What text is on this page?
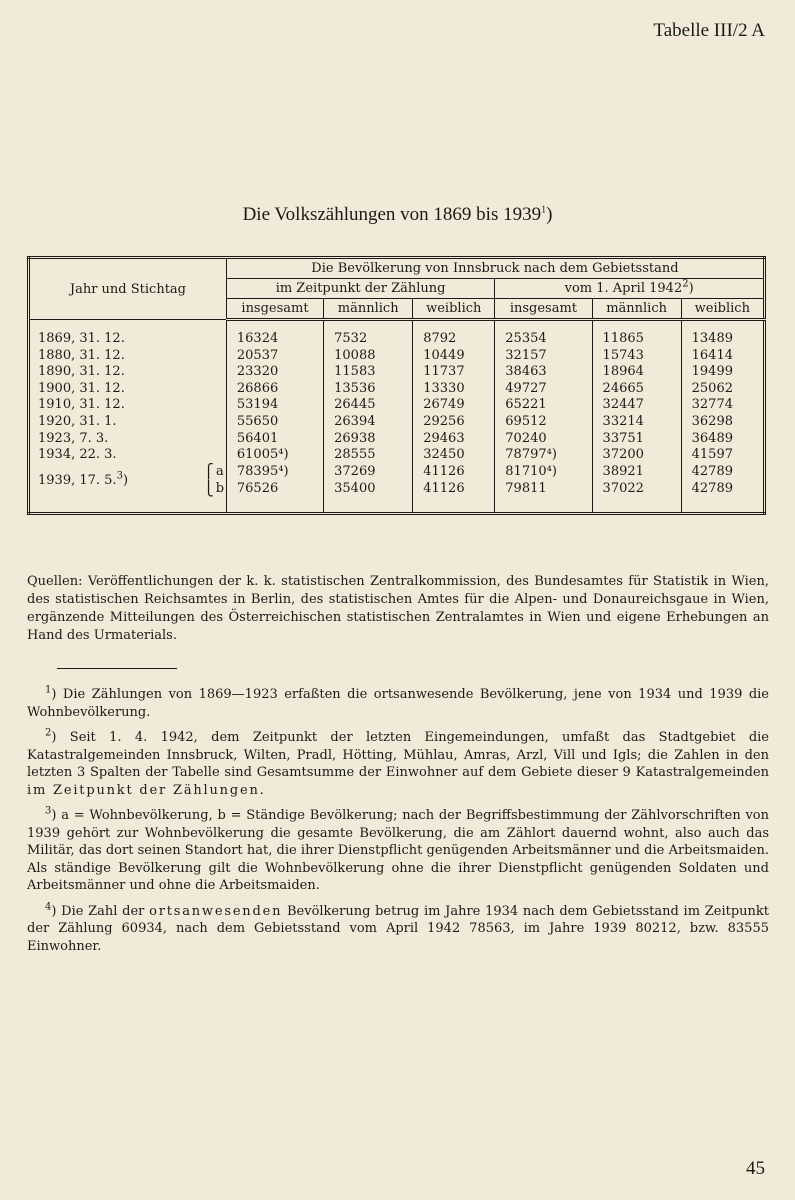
Tabelle III/2 A
Die Volkszählungen von 1869 bis 1939$^1$)
Jahr und Stichtag		Die Bevölkerung von Innsbruck nach dem Gebietsstand					
		im Zeitpunkt der Zählung			vom 1. April 1942$^2$)		
		insgesamt	männlich	weiblich	insgesamt	männlich	weiblich

1869, 31. 12.		16324	7532	8792	25354	11865	13489
1880, 31. 12.		20537	10088	10449	32157	15743	16414
1890, 31. 12.		23320	11583	11737	38463	18964	19499
1900, 31. 12.		26866	13536	13330	49727	24665	25062
1910, 31. 12.		53194	26445	26749	65221	32447	32774
1920, 31. 1.		55650	26394	29256	69512	33214	36298
1923, 7. 3.		56401	26938	29463	70240	33751	36489
1934, 22. 3.		61005⁴)	28555	32450	78797⁴)	37200	41597
1939, 17. 5.$^3$)	⎧ a	78395⁴)	37269	41126	81710⁴)	38921	42789
	⎩ b	76526	35400	41126	79811	37022	42789

Quellen: Veröffentlichungen der k. k. statistischen Zentralkommission, des Bundesamtes für Statistik in Wien, des statistischen Reichsamtes in Berlin, des statistischen Amtes für die Alpen- und Donaureichsgaue in Wien, ergänzende Mitteilungen des Österreichischen statistischen Zentralamtes in Wien und eigene Erhebungen an Hand des Urmaterials.

$^1$) Die Zählungen von 1869—1923 erfaßten die ortsanwesende Bevölkerung, jene von 1934 und 1939 die Wohnbevölkerung.

$^2$) Seit 1. 4. 1942, dem Zeitpunkt der letzten Eingemeindungen, umfaßt das Stadtgebiet die Katastralgemeinden Innsbruck, Wilten, Pradl, Hötting, Mühlau, Amras, Arzl, Vill und Igls; die Zahlen in den letzten 3 Spalten der Tabelle sind Gesamtsumme der Einwohner auf dem Gebiete dieser 9 Katastralgemeinden im Zeitpunkt der Zählungen.

$^3$) a = Wohnbevölkerung, b = Ständige Bevölkerung; nach der Begriffsbestimmung der Zählvorschriften von 1939 gehört zur Wohnbevölkerung die gesamte Bevölkerung, die am Zählort dauernd wohnt, also auch das Militär, das dort seinen Standort hat, die ihrer Dienstpflicht genügenden Arbeitsmänner und die Arbeitsmaiden. Als ständige Bevölkerung gilt die Wohnbevölkerung ohne die ihrer Dienstpflicht genügenden Soldaten und Arbeitsmänner und ohne die Arbeitsmaiden.

$^4$) Die Zahl der ortsanwesenden Bevölkerung betrug im Jahre 1934 nach dem Gebietsstand im Zeitpunkt der Zählung 60934, nach dem Gebietsstand vom April 1942 78563, im Jahre 1939 80212, bzw. 83555 Einwohner.

45
